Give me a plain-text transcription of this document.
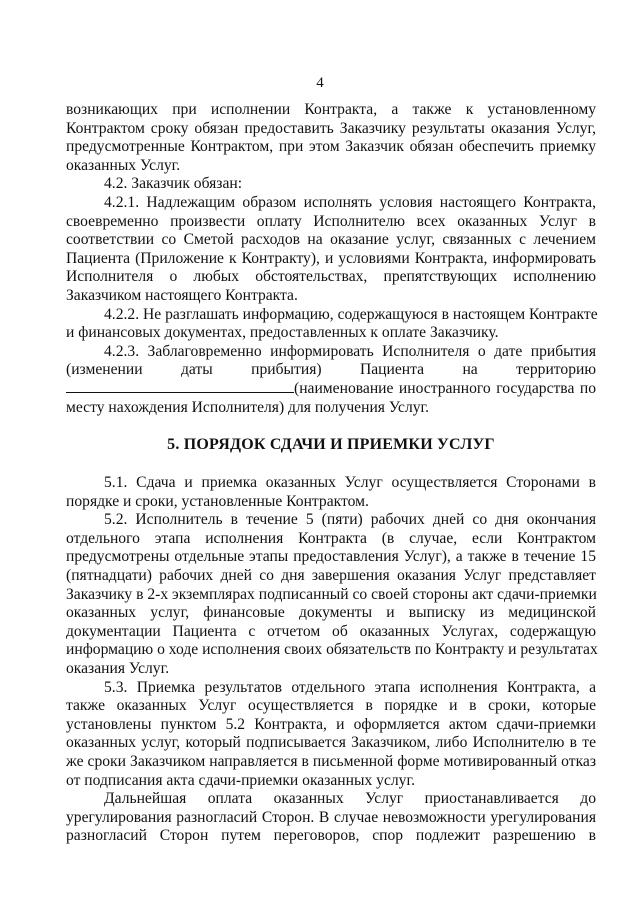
4
возникающих при исполнении Контракта, а также к установленному
Контрактом сроку обязан предоставить Заказчику результаты оказания Услуг,
предусмотренные Контрактом, при этом Заказчик обязан обеспечить приемку
оказанных Услуг.
4.2. Заказчик обязан:
4.2.1. Надлежащим образом исполнять условия настоящего Контракта,
своевременно произвести оплату Исполнителю всех оказанных Услуг в
соответствии со Сметой расходов на оказание услуг, связанных с лечением
Пациента (Приложение к Контракту), и условиями Контракта, информировать
Исполнителя о любых обстоятельствах, препятствующих исполнению
Заказчиком настоящего Контракта.
4.2.2. Не разглашать информацию, содержащуюся в настоящем Контракте
и финансовых документах, предоставленных к оплате Заказчику.
4.2.3. Заблаговременно информировать Исполнителя о дате прибытия
(изменении даты прибытия) Пациента на территорию
(наименование иностранного государства по
месту нахождения Исполнителя) для получения Услуг.
5. ПОРЯДОК СДАЧИ И ПРИЕМКИ УСЛУГ
5.1. Сдача и приемка оказанных Услуг осуществляется Сторонами в
порядке и сроки, установленные Контрактом.
5.2. Исполнитель в течение 5 (пяти) рабочих дней со дня окончания
отдельного этапа исполнения Контракта (в случае, если Контрактом
предусмотрены отдельные этапы предоставления Услуг), а также в течение 15
(пятнадцати) рабочих дней со дня завершения оказания Услуг представляет
Заказчику в 2-х экземплярах подписанный со своей стороны акт сдачи-приемки
оказанных услуг, финансовые документы и выписку из медицинской
документации Пациента с отчетом об оказанных Услугах, содержащую
информацию о ходе исполнения своих обязательств по Контракту и результатах
оказания Услуг.
5.3. Приемка результатов отдельного этапа исполнения Контракта, а
также оказанных Услуг осуществляется в порядке и в сроки, которые
установлены пунктом 5.2 Контракта, и оформляется актом сдачи-приемки
оказанных услуг, который подписывается Заказчиком, либо Исполнителю в те
же сроки Заказчиком направляется в письменной форме мотивированный отказ
от подписания акта сдачи-приемки оказанных услуг.
Дальнейшая оплата оказанных Услуг приостанавливается до
урегулирования разногласий Сторон. В случае невозможности урегулирования
разногласий Сторон путем переговоров, спор подлежит разрешению в
